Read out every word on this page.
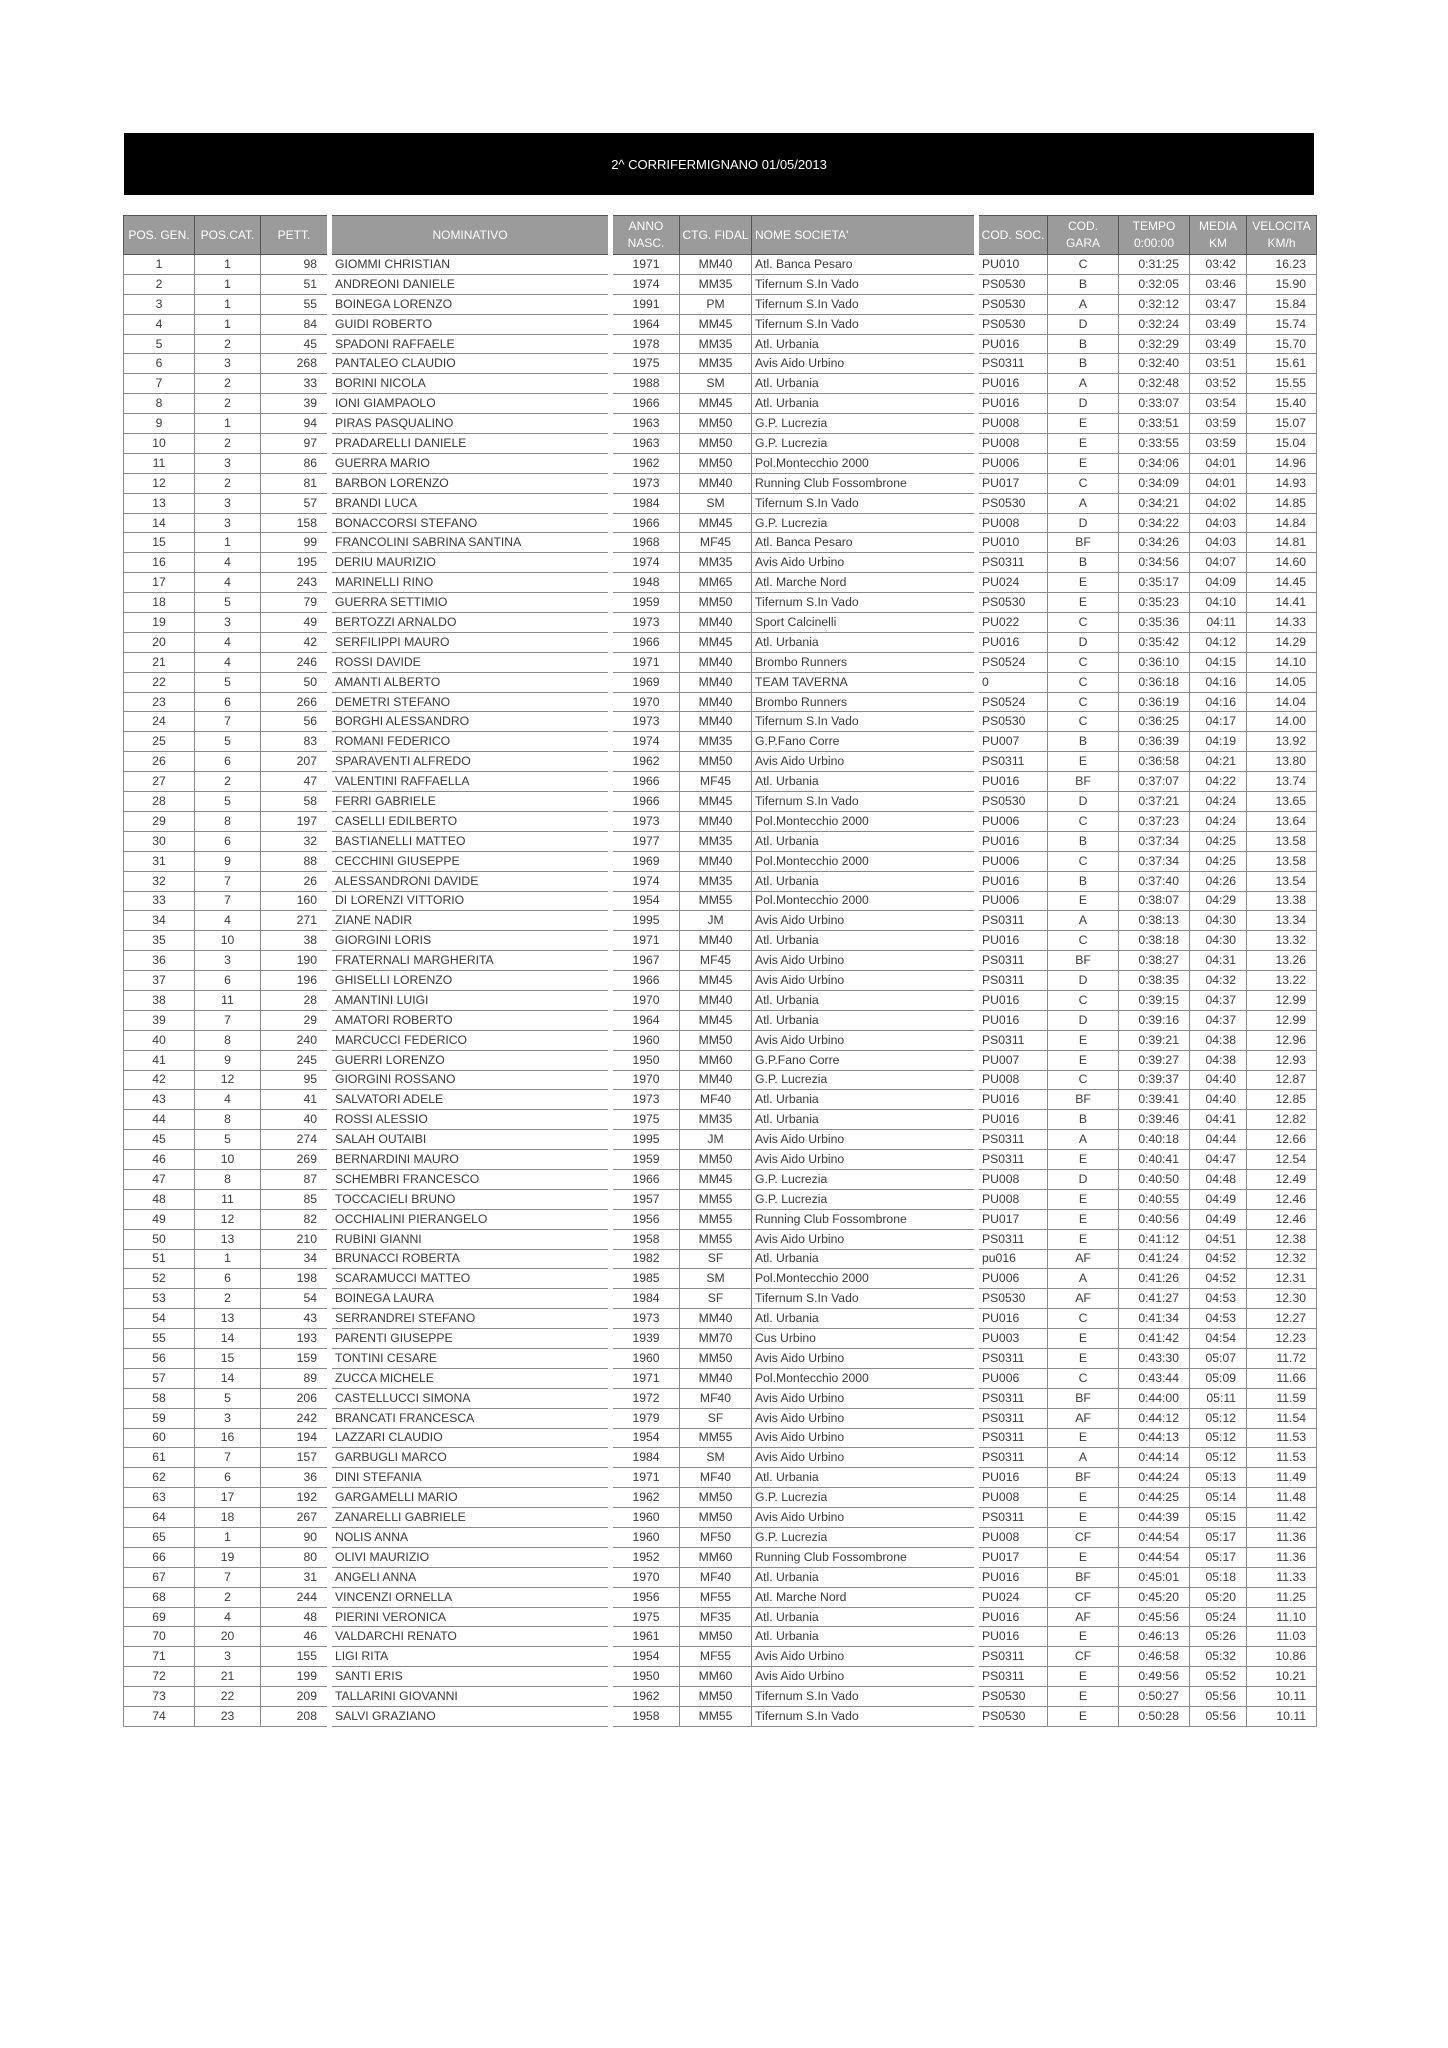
2^ CORRIFERMIGNANO 01/05/2013
POS. GEN.	POS.CAT.	PETT.	NOMINATIVO	ANNO NASC.	CTG. FIDAL	NOME SOCIETA'	COD. SOC.	COD. GARA	TEMPO 0:00:00	MEDIA KM	VELOCITA KM/h
1	1	98	GIOMMI CHRISTIAN	1971	MM40	Atl. Banca Pesaro	PU010	C	0:31:25	03:42	16.23
2	1	51	ANDREONI DANIELE	1974	MM35	Tifernum S.In Vado	PS0530	B	0:32:05	03:46	15.90
3	1	55	BOINEGA LORENZO	1991	PM	Tifernum S.In Vado	PS0530	A	0:32:12	03:47	15.84
4	1	84	GUIDI ROBERTO	1964	MM45	Tifernum S.In Vado	PS0530	D	0:32:24	03:49	15.74
5	2	45	SPADONI RAFFAELE	1978	MM35	Atl. Urbania	PU016	B	0:32:29	03:49	15.70
6	3	268	PANTALEO CLAUDIO	1975	MM35	Avis Aido Urbino	PS0311	B	0:32:40	03:51	15.61
7	2	33	BORINI NICOLA	1988	SM	Atl. Urbania	PU016	A	0:32:48	03:52	15.55
8	2	39	IONI GIAMPAOLO	1966	MM45	Atl. Urbania	PU016	D	0:33:07	03:54	15.40
9	1	94	PIRAS PASQUALINO	1963	MM50	G.P. Lucrezia	PU008	E	0:33:51	03:59	15.07
10	2	97	PRADARELLI DANIELE	1963	MM50	G.P. Lucrezia	PU008	E	0:33:55	03:59	15.04
11	3	86	GUERRA MARIO	1962	MM50	Pol.Montecchio 2000	PU006	E	0:34:06	04:01	14.96
12	2	81	BARBON LORENZO	1973	MM40	Running Club Fossombrone	PU017	C	0:34:09	04:01	14.93
13	3	57	BRANDI LUCA	1984	SM	Tifernum S.In Vado	PS0530	A	0:34:21	04:02	14.85
14	3	158	BONACCORSI STEFANO	1966	MM45	G.P. Lucrezia	PU008	D	0:34:22	04:03	14.84
15	1	99	FRANCOLINI SABRINA SANTINA	1968	MF45	Atl. Banca Pesaro	PU010	BF	0:34:26	04:03	14.81
16	4	195	DERIU MAURIZIO	1974	MM35	Avis Aido Urbino	PS0311	B	0:34:56	04:07	14.60
17	4	243	MARINELLI RINO	1948	MM65	Atl. Marche Nord	PU024	E	0:35:17	04:09	14.45
18	5	79	GUERRA SETTIMIO	1959	MM50	Tifernum S.In Vado	PS0530	E	0:35:23	04:10	14.41
19	3	49	BERTOZZI ARNALDO	1973	MM40	Sport Calcinelli	PU022	C	0:35:36	04:11	14.33
20	4	42	SERFILIPPI MAURO	1966	MM45	Atl. Urbania	PU016	D	0:35:42	04:12	14.29
21	4	246	ROSSI DAVIDE	1971	MM40	Brombo Runners	PS0524	C	0:36:10	04:15	14.10
22	5	50	AMANTI ALBERTO	1969	MM40	TEAM TAVERNA	0	C	0:36:18	04:16	14.05
23	6	266	DEMETRI STEFANO	1970	MM40	Brombo Runners	PS0524	C	0:36:19	04:16	14.04
24	7	56	BORGHI ALESSANDRO	1973	MM40	Tifernum S.In Vado	PS0530	C	0:36:25	04:17	14.00
25	5	83	ROMANI FEDERICO	1974	MM35	G.P.Fano Corre	PU007	B	0:36:39	04:19	13.92
26	6	207	SPARAVENTI ALFREDO	1962	MM50	Avis Aido Urbino	PS0311	E	0:36:58	04:21	13.80
27	2	47	VALENTINI RAFFAELLA	1966	MF45	Atl. Urbania	PU016	BF	0:37:07	04:22	13.74
28	5	58	FERRI GABRIELE	1966	MM45	Tifernum S.In Vado	PS0530	D	0:37:21	04:24	13.65
29	8	197	CASELLI EDILBERTO	1973	MM40	Pol.Montecchio 2000	PU006	C	0:37:23	04:24	13.64
30	6	32	BASTIANELLI MATTEO	1977	MM35	Atl. Urbania	PU016	B	0:37:34	04:25	13.58
31	9	88	CECCHINI GIUSEPPE	1969	MM40	Pol.Montecchio 2000	PU006	C	0:37:34	04:25	13.58
32	7	26	ALESSANDRONI DAVIDE	1974	MM35	Atl. Urbania	PU016	B	0:37:40	04:26	13.54
33	7	160	DI LORENZI VITTORIO	1954	MM55	Pol.Montecchio 2000	PU006	E	0:38:07	04:29	13.38
34	4	271	ZIANE NADIR	1995	JM	Avis Aido Urbino	PS0311	A	0:38:13	04:30	13.34
35	10	38	GIORGINI LORIS	1971	MM40	Atl. Urbania	PU016	C	0:38:18	04:30	13.32
36	3	190	FRATERNALI MARGHERITA	1967	MF45	Avis Aido Urbino	PS0311	BF	0:38:27	04:31	13.26
37	6	196	GHISELLI LORENZO	1966	MM45	Avis Aido Urbino	PS0311	D	0:38:35	04:32	13.22
38	11	28	AMANTINI LUIGI	1970	MM40	Atl. Urbania	PU016	C	0:39:15	04:37	12.99
39	7	29	AMATORI ROBERTO	1964	MM45	Atl. Urbania	PU016	D	0:39:16	04:37	12.99
40	8	240	MARCUCCI FEDERICO	1960	MM50	Avis Aido Urbino	PS0311	E	0:39:21	04:38	12.96
41	9	245	GUERRI LORENZO	1950	MM60	G.P.Fano Corre	PU007	E	0:39:27	04:38	12.93
42	12	95	GIORGINI ROSSANO	1970	MM40	G.P. Lucrezia	PU008	C	0:39:37	04:40	12.87
43	4	41	SALVATORI ADELE	1973	MF40	Atl. Urbania	PU016	BF	0:39:41	04:40	12.85
44	8	40	ROSSI ALESSIO	1975	MM35	Atl. Urbania	PU016	B	0:39:46	04:41	12.82
45	5	274	SALAH OUTAIBI	1995	JM	Avis Aido Urbino	PS0311	A	0:40:18	04:44	12.66
46	10	269	BERNARDINI MAURO	1959	MM50	Avis Aido Urbino	PS0311	E	0:40:41	04:47	12.54
47	8	87	SCHEMBRI FRANCESCO	1966	MM45	G.P. Lucrezia	PU008	D	0:40:50	04:48	12.49
48	11	85	TOCCACIELI BRUNO	1957	MM55	G.P. Lucrezia	PU008	E	0:40:55	04:49	12.46
49	12	82	OCCHIALINI PIERANGELO	1956	MM55	Running Club Fossombrone	PU017	E	0:40:56	04:49	12.46
50	13	210	RUBINI GIANNI	1958	MM55	Avis Aido Urbino	PS0311	E	0:41:12	04:51	12.38
51	1	34	BRUNACCI ROBERTA	1982	SF	Atl. Urbania	pu016	AF	0:41:24	04:52	12.32
52	6	198	SCARAMUCCI MATTEO	1985	SM	Pol.Montecchio 2000	PU006	A	0:41:26	04:52	12.31
53	2	54	BOINEGA LAURA	1984	SF	Tifernum S.In Vado	PS0530	AF	0:41:27	04:53	12.30
54	13	43	SERRANDREI STEFANO	1973	MM40	Atl. Urbania	PU016	C	0:41:34	04:53	12.27
55	14	193	PARENTI GIUSEPPE	1939	MM70	Cus Urbino	PU003	E	0:41:42	04:54	12.23
56	15	159	TONTINI CESARE	1960	MM50	Avis Aido Urbino	PS0311	E	0:43:30	05:07	11.72
57	14	89	ZUCCA MICHELE	1971	MM40	Pol.Montecchio 2000	PU006	C	0:43:44	05:09	11.66
58	5	206	CASTELLUCCI SIMONA	1972	MF40	Avis Aido Urbino	PS0311	BF	0:44:00	05:11	11.59
59	3	242	BRANCATI FRANCESCA	1979	SF	Avis Aido Urbino	PS0311	AF	0:44:12	05:12	11.54
60	16	194	LAZZARI CLAUDIO	1954	MM55	Avis Aido Urbino	PS0311	E	0:44:13	05:12	11.53
61	7	157	GARBUGLI MARCO	1984	SM	Avis Aido Urbino	PS0311	A	0:44:14	05:12	11.53
62	6	36	DINI STEFANIA	1971	MF40	Atl. Urbania	PU016	BF	0:44:24	05:13	11.49
63	17	192	GARGAMELLI MARIO	1962	MM50	G.P. Lucrezia	PU008	E	0:44:25	05:14	11.48
64	18	267	ZANARELLI GABRIELE	1960	MM50	Avis Aido Urbino	PS0311	E	0:44:39	05:15	11.42
65	1	90	NOLIS ANNA	1960	MF50	G.P. Lucrezia	PU008	CF	0:44:54	05:17	11.36
66	19	80	OLIVI MAURIZIO	1952	MM60	Running Club Fossombrone	PU017	E	0:44:54	05:17	11.36
67	7	31	ANGELI ANNA	1970	MF40	Atl. Urbania	PU016	BF	0:45:01	05:18	11.33
68	2	244	VINCENZI ORNELLA	1956	MF55	Atl. Marche Nord	PU024	CF	0:45:20	05:20	11.25
69	4	48	PIERINI VERONICA	1975	MF35	Atl. Urbania	PU016	AF	0:45:56	05:24	11.10
70	20	46	VALDARCHI RENATO	1961	MM50	Atl. Urbania	PU016	E	0:46:13	05:26	11.03
71	3	155	LIGI RITA	1954	MF55	Avis Aido Urbino	PS0311	CF	0:46:58	05:32	10.86
72	21	199	SANTI ERIS	1950	MM60	Avis Aido Urbino	PS0311	E	0:49:56	05:52	10.21
73	22	209	TALLARINI GIOVANNI	1962	MM50	Tifernum S.In Vado	PS0530	E	0:50:27	05:56	10.11
74	23	208	SALVI GRAZIANO	1958	MM55	Tifernum S.In Vado	PS0530	E	0:50:28	05:56	10.11
